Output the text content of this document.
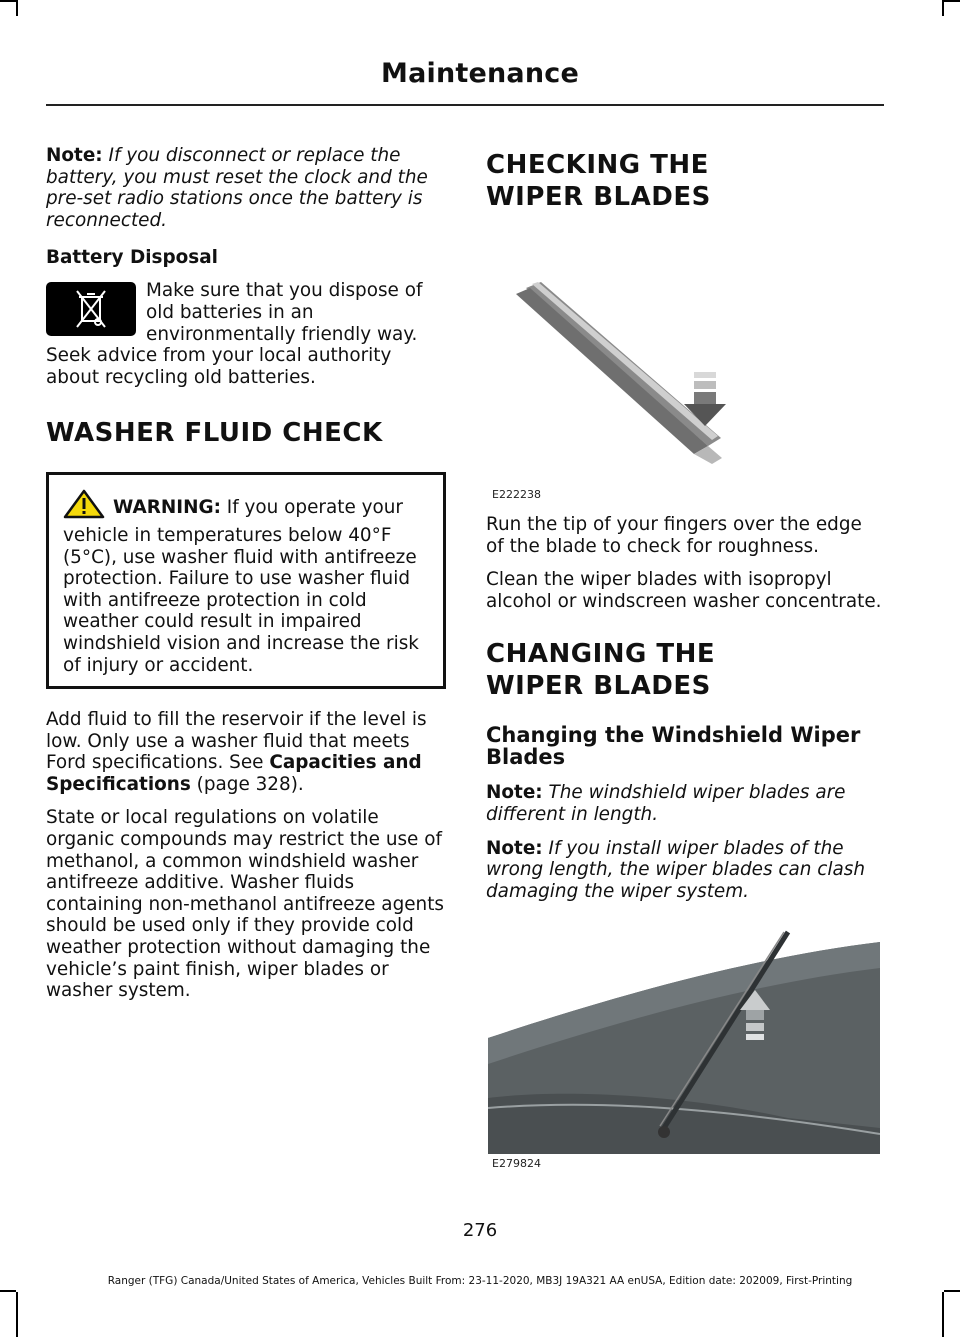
Maintenance

Note: If you disconnect or replace the battery, you must reset the clock and the pre-set radio stations once the battery is reconnected.

Battery Disposal

Make sure that you dispose of old batteries in an environmentally friendly way.

Seek advice from your local authority about recycling old batteries.

WASHER FLUID CHECK

WARNING: If you operate your vehicle in temperatures below 40°F (5°C), use washer fluid with antifreeze protection. Failure to use washer fluid with antifreeze protection in cold weather could result in impaired windshield vision and increase the risk of injury or accident.

Add fluid to fill the reservoir if the level is low. Only use a washer fluid that meets Ford specifications. See Capacities and Specifications (page 328).

State or local regulations on volatile organic compounds may restrict the use of methanol, a common windshield washer antifreeze additive. Washer fluids containing non-methanol antifreeze agents should be used only if they provide cold weather protection without damaging the vehicle’s paint finish, wiper blades or washer system.

CHECKING THE WIPER BLADES
E222238

Run the tip of your fingers over the edge of the blade to check for roughness.

Clean the wiper blades with isopropyl alcohol or windscreen washer concentrate.

CHANGING THE WIPER BLADES
Changing the Windshield Wiper Blades

Note: The windshield wiper blades are different in length.

Note: If you install wiper blades of the wrong length, the wiper blades can clash damaging the wiper system.

E279824
276
Ranger (TFG) Canada/United States of America, Vehicles Built From: 23-11-2020, MB3J 19A321 AA enUSA, Edition date: 202009, First-Printing
